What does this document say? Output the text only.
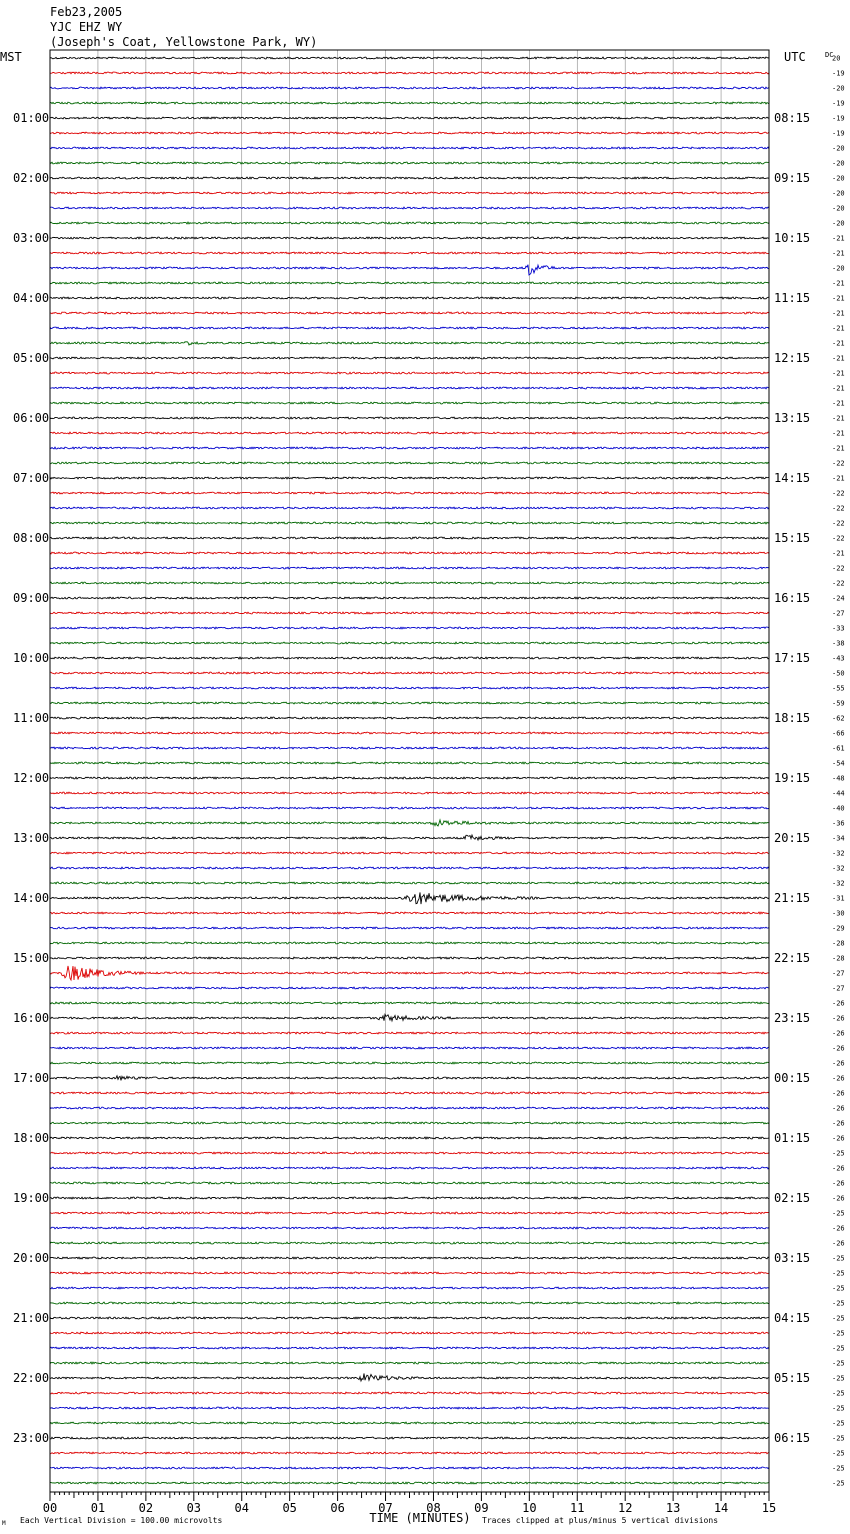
Feb23,2005
YJC EHZ WY
(Joseph's Coat, Yellowstone Park, WY)
MST	UTC	DC
01:00
02:00
03:00
04:00
05:00
06:00
07:00
08:00
09:00
10:00
11:00
12:00
13:00
14:00
15:00
16:00
17:00
18:00
19:00
20:00
21:00
22:00
23:00
08:15
09:15
10:15
11:15
12:15
13:15
14:15
15:15
16:15
17:15
18:15
19:15
20:15
21:15
22:15
23:15
00:15
01:15
02:15
03:15
04:15
05:15
06:15
20
-19
-20
-19
-19
-19
-20
-20
-20
-20
-20
-20
-21
-21
-20
-21
-21
-21
-21
-21
-21
-21
-21
-21
-21
-21
-21
-22
-21
-22
-22
-22
-22
-21
-22
-22
-24
-27
-33
-38
-43
-50
-55
-59
-62
-66
-61
-54
-48
-44
-40
-36
-34
-32
-32
-32
-31
-30
-29
-28
-28
-27
-27
-26
-26
-26
-26
-26
-26
-26
-26
-26
-26
-25
-26
-26
-26
-25
-26
-26
-25
-25
-25
-25
-25
-25
-25
-25
-25
-25
-25
-25
-25
-25
-25
-25
00	01	02	03	04	05	06	07	08	09	10	11	12	13	14	15
TIME (MINUTES)
Each Vertical Division = 100.00 microvolts	Traces clipped at plus/minus 5 vertical divisions
M
